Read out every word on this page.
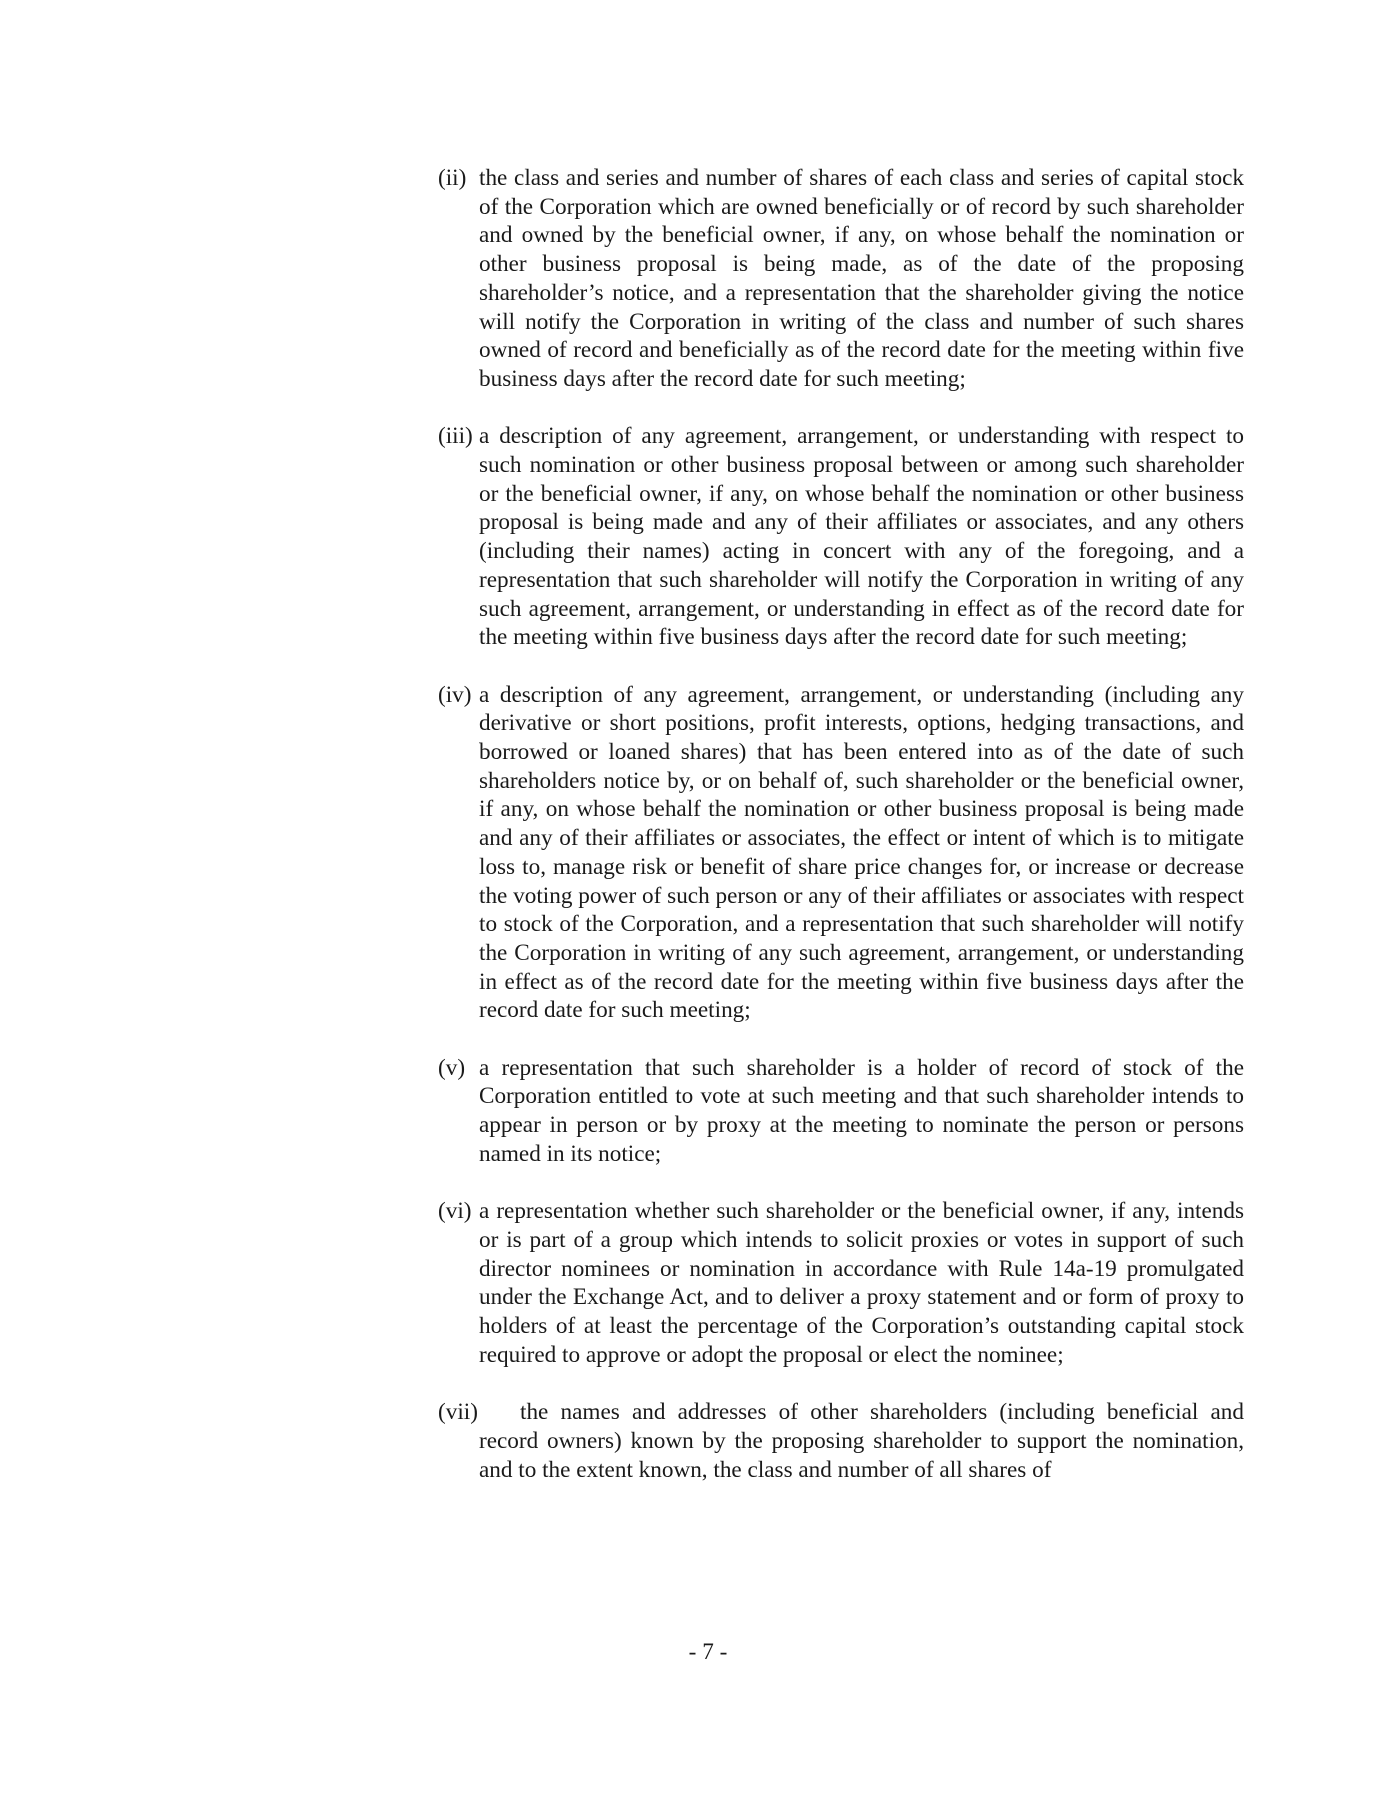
(ii) the class and series and number of shares of each class and series of capital stock of the Corporation which are owned beneficially or of record by such shareholder and owned by the beneficial owner, if any, on whose behalf the nomination or other business proposal is being made, as of the date of the proposing shareholder’s notice, and a representation that the shareholder giving the notice will notify the Corporation in writing of the class and number of such shares owned of record and beneficially as of the record date for the meeting within five business days after the record date for such meeting;
(iii) a description of any agreement, arrangement, or understanding with respect to such nomination or other business proposal between or among such shareholder or the beneficial owner, if any, on whose behalf the nomination or other business proposal is being made and any of their affiliates or associates, and any others (including their names) acting in concert with any of the foregoing, and a representation that such shareholder will notify the Corporation in writing of any such agreement, arrangement, or understanding in effect as of the record date for the meeting within five business days after the record date for such meeting;
(iv) a description of any agreement, arrangement, or understanding (including any derivative or short positions, profit interests, options, hedging transactions, and borrowed or loaned shares) that has been entered into as of the date of such shareholders notice by, or on behalf of, such shareholder or the beneficial owner, if any, on whose behalf the nomination or other business proposal is being made and any of their affiliates or associates, the effect or intent of which is to mitigate loss to, manage risk or benefit of share price changes for, or increase or decrease the voting power of such person or any of their affiliates or associates with respect to stock of the Corporation, and a representation that such shareholder will notify the Corporation in writing of any such agreement, arrangement, or understanding in effect as of the record date for the meeting within five business days after the record date for such meeting;
(v) a representation that such shareholder is a holder of record of stock of the Corporation entitled to vote at such meeting and that such shareholder intends to appear in person or by proxy at the meeting to nominate the person or persons named in its notice;
(vi) a representation whether such shareholder or the beneficial owner, if any, intends or is part of a group which intends to solicit proxies or votes in support of such director nominees or nomination in accordance with Rule 14a-19 promulgated under the Exchange Act, and to deliver a proxy statement and or form of proxy to holders of at least the percentage of the Corporation’s outstanding capital stock required to approve or adopt the proposal or elect the nominee;
(vii)	the names and addresses of other shareholders (including beneficial and record owners) known by the proposing shareholder to support the nomination, and to the extent known, the class and number of all shares of
- 7 -
